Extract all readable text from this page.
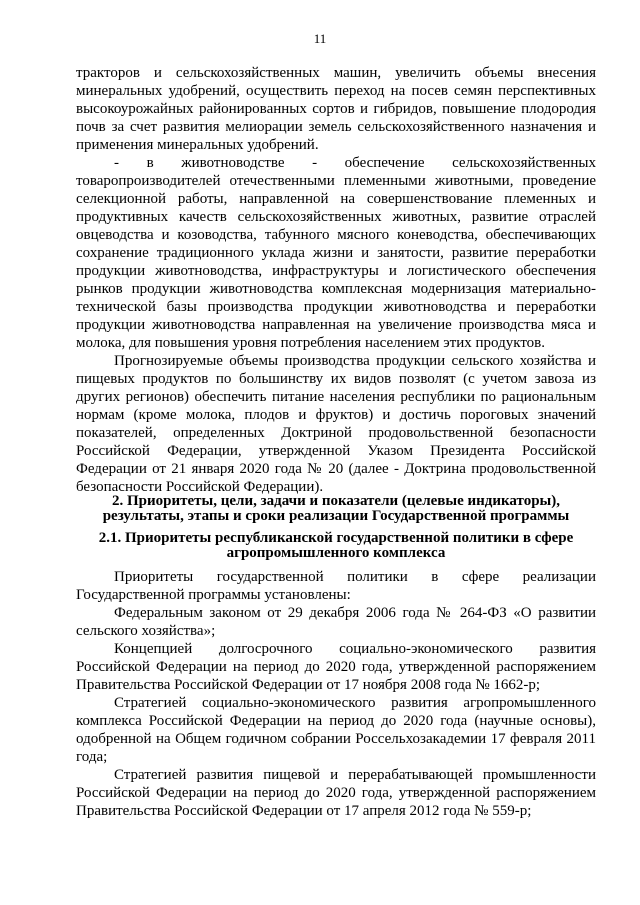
11

тракторов и сельскохозяйственных машин, увеличить объемы внесения минеральных удобрений, осуществить переход на посев семян перспективных высокоурожайных районированных сортов и гибридов, повышение плодородия почв за счет развития мелиорации земель сельскохозяйственного назначения и применения минеральных удобрений.

- в животноводстве - обеспечение сельскохозяйственных товаропроизводителей отечественными племенными животными, проведение селекционной работы, направленной на совершенствование племенных и продуктивных качеств сельскохозяйственных животных, развитие отраслей овцеводства и козоводства, табунного мясного коневодства, обеспечивающих сохранение традиционного уклада жизни и занятости, развитие переработки продукции животноводства, инфраструктуры и логистического обеспечения рынков продукции животноводства комплексная модернизация материально-технической базы производства продукции животноводства и переработки продукции животноводства направленная на увеличение производства мяса и молока, для повышения уровня потребления населением этих продуктов.

Прогнозируемые объемы производства продукции сельского хозяйства и пищевых продуктов по большинству их видов позволят (с учетом завоза из других регионов) обеспечить питание населения республики по рациональным нормам (кроме молока, плодов и фруктов) и достичь пороговых значений показателей, определенных Доктриной продовольственной безопасности Российской Федерации, утвержденной Указом Президента Российской Федерации от 21 января 2020 года № 20 (далее - Доктрина продовольственной безопасности Российской Федерации).

2. Приоритеты, цели, задачи и показатели (целевые индикаторы), результаты, этапы и сроки реализации Государственной программы

2.1. Приоритеты республиканской государственной политики в сфере агропромышленного комплекса

Приоритеты государственной политики в сфере реализации Государственной программы установлены:

Федеральным законом от 29 декабря 2006 года № 264-ФЗ «О развитии сельского хозяйства»;

Концепцией долгосрочного социально-экономического развития Российской Федерации на период до 2020 года, утвержденной распоряжением Правительства Российской Федерации от 17 ноября 2008 года № 1662-р;

Стратегией социально-экономического развития агропромышленного комплекса Российской Федерации на период до 2020 года (научные основы), одобренной на Общем годичном собрании Россельхозакадемии 17 февраля 2011 года;

Стратегией развития пищевой и перерабатывающей промышленности Российской Федерации на период до 2020 года, утвержденной распоряжением Правительства Российской Федерации от 17 апреля 2012 года № 559-р;
